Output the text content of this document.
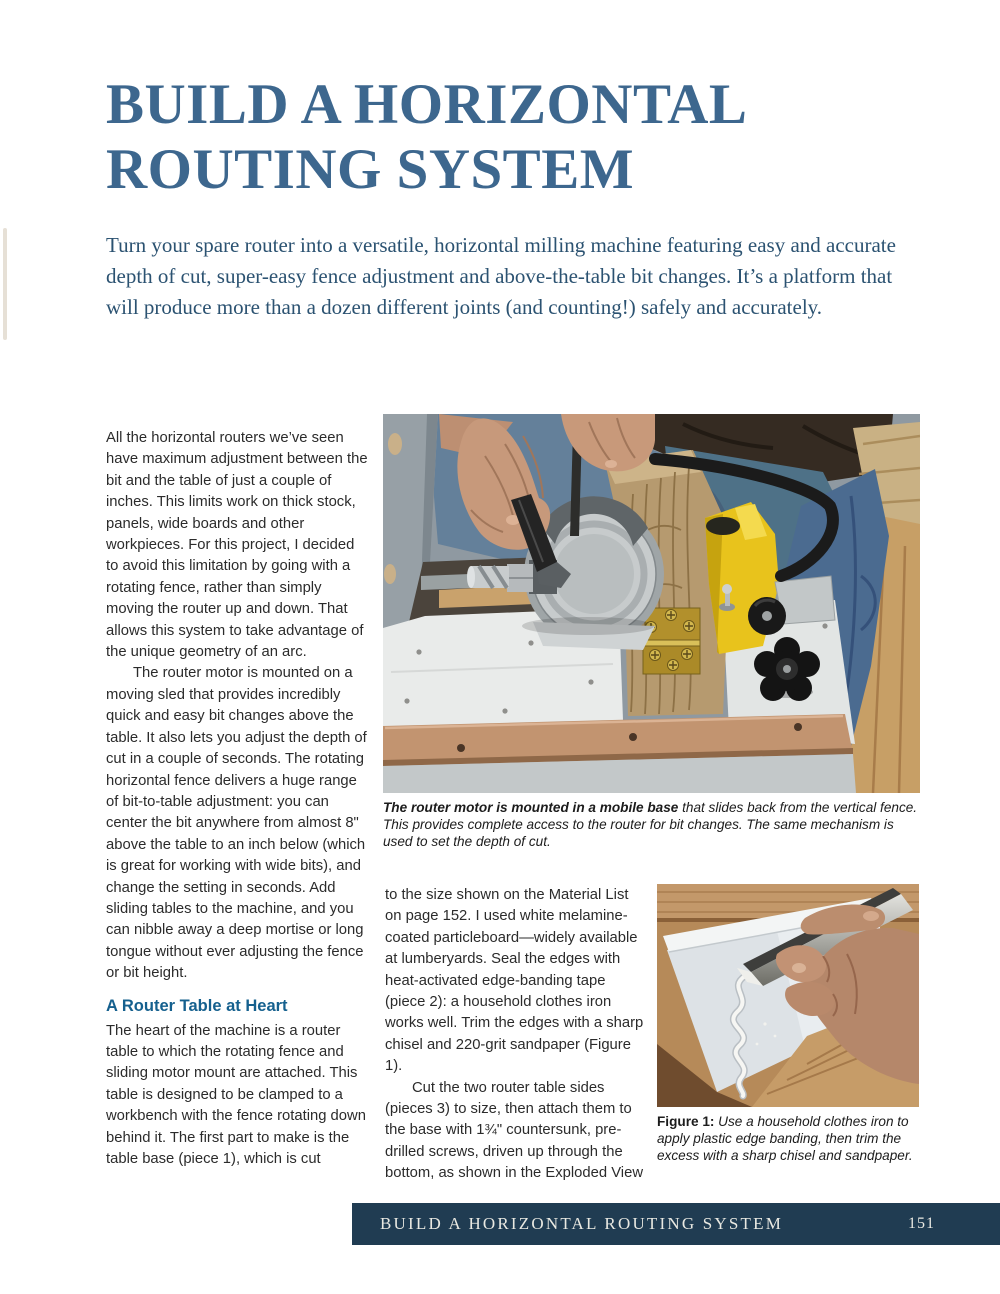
BUILD A HORIZONTAL
ROUTING SYSTEM

Turn your spare router into a versatile, horizontal milling machine featuring easy and accurate depth of cut, super-easy fence adjustment and above-the-table bit changes. It’s a platform that will produce more than a dozen different joints (and counting!) safely and accurately.

All the horizontal routers we’ve seen have maximum adjustment between the bit and the table of just a couple of inches. This limits work on thick stock, panels, wide boards and other workpieces. For this project, I decided to avoid this limitation by going with a rotating fence, rather than simply moving the router up and down. That allows this system to take advantage of the unique geometry of an arc.

The router motor is mounted on a moving sled that provides incredibly quick and easy bit changes above the table. It also lets you adjust the depth of cut in a couple of seconds. The rotating horizontal fence delivers a huge range of bit-to-table adjustment: you can center the bit anywhere from almost 8" above the table to an inch below (which is great for working with wide bits), and change the setting in seconds. Add sliding tables to the machine, and you can nibble away a deep mortise or long tongue without ever adjusting the fence or bit height.

A Router Table at Heart

The heart of the machine is a router table to which the rotating fence and sliding motor mount are attached. This table is designed to be clamped to a workbench with the fence rotating down behind it. The first part to make is the table base (piece 1), which is cut

The router motor is mounted in a mobile base that slides back from the vertical fence. This provides complete access to the router for bit changes. The same mechanism is used to set the depth of cut.

to the size shown on the Material List on page 152. I used white melamine-coated particleboard—widely available at lumberyards. Seal the edges with heat-activated edge-banding tape (piece 2): a household clothes iron works well. Trim the edges with a sharp chisel and 220-grit sandpaper (Figure 1).

Cut the two router table sides (pieces 3) to size, then attach them to the base with 1¾" countersunk, pre-drilled screws, driven up through the bottom, as shown in the Exploded View

Figure 1: Use a household clothes iron to apply plastic edge banding, then trim the excess with a sharp chisel and sandpaper.

BUILD A HORIZONTAL ROUTING SYSTEM	151
